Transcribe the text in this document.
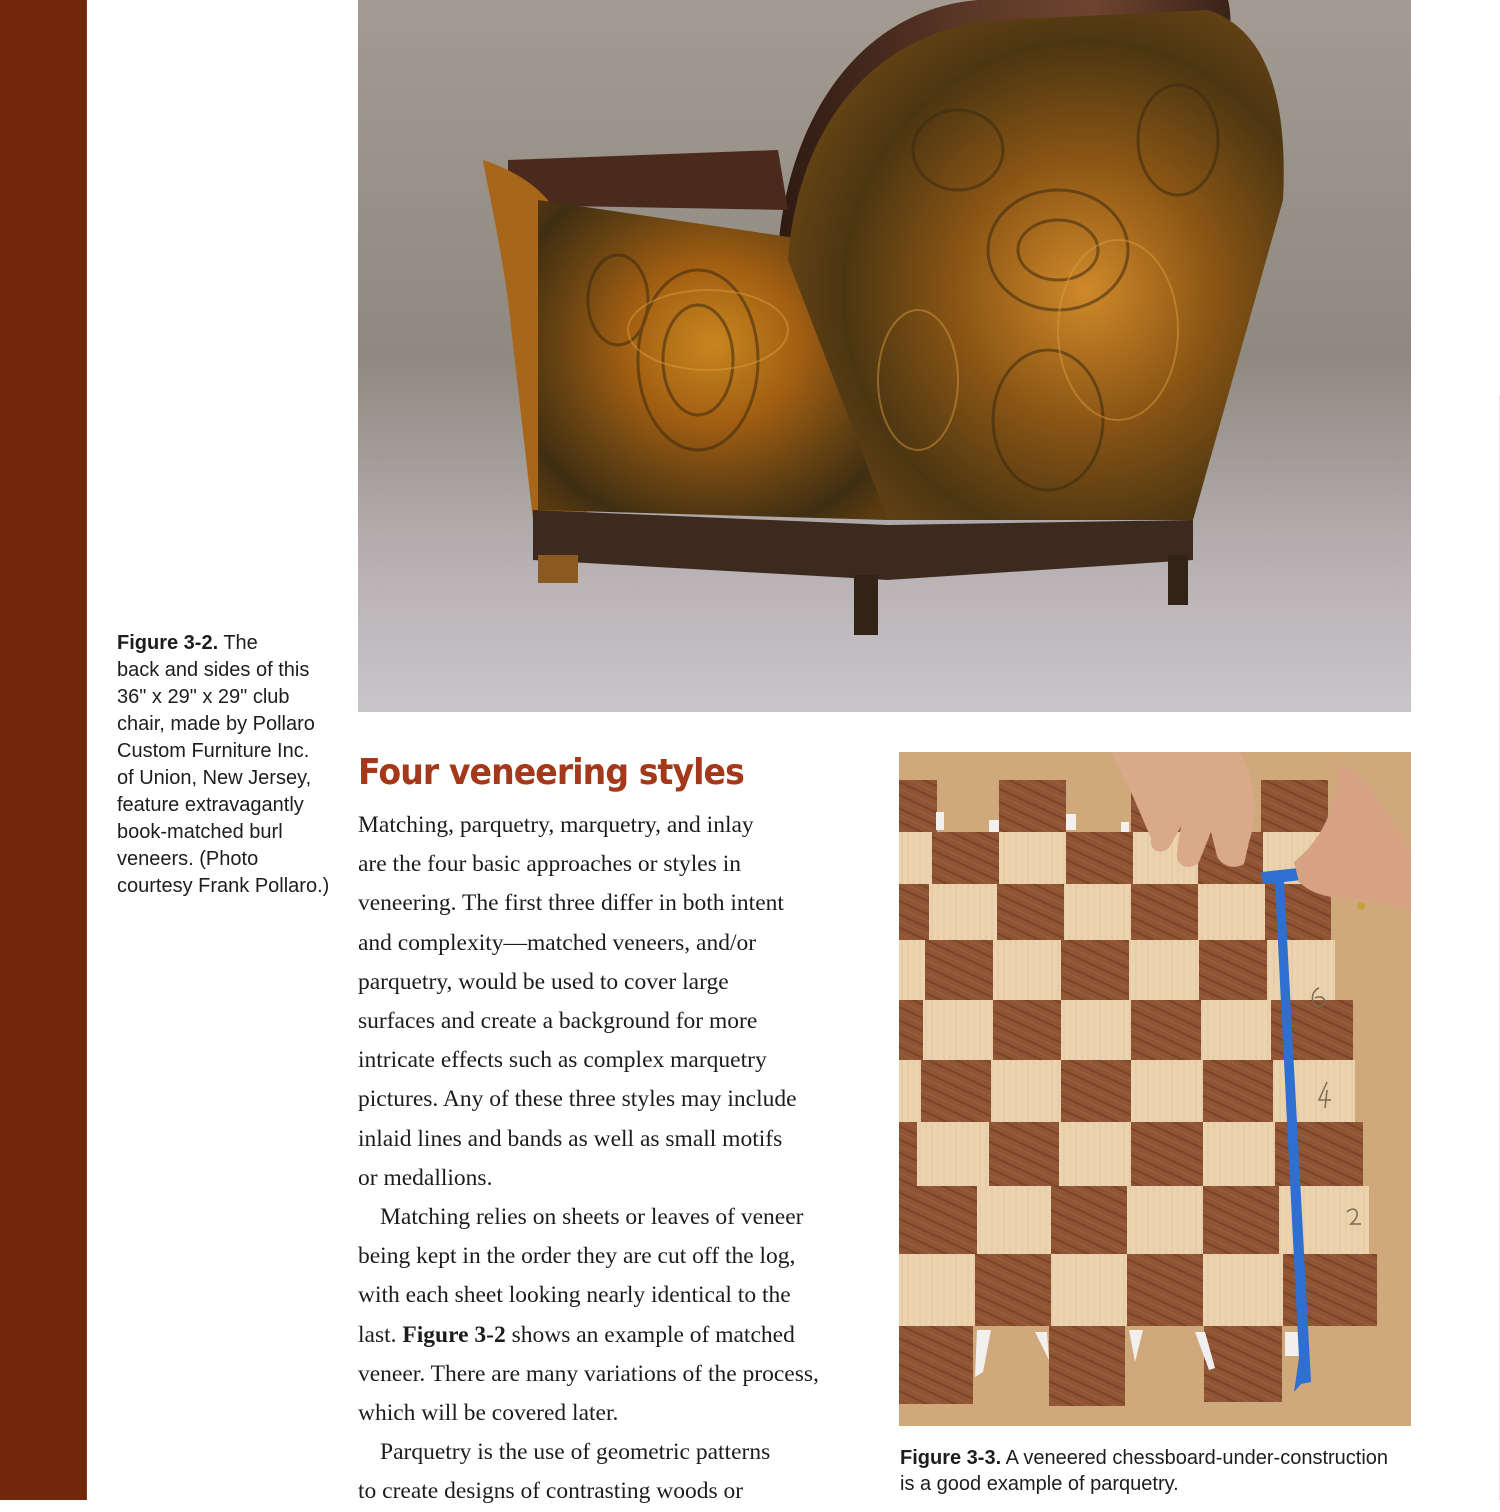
Figure 3-2. The
back and sides of this
36" x 29" x 29" club
chair, made by Pollaro
Custom Furniture Inc.
of Union, New Jersey,
feature extravagantly
book-matched burl
veneers. (Photo
courtesy Frank Pollaro.)
Four veneering styles

Matching, parquetry, marquetry, and inlay
are the four basic approaches or styles in
veneering. The first three differ in both intent
and complexity—matched veneers, and/or
parquetry, would be used to cover large
surfaces and create a background for more
intricate effects such as complex marquetry
pictures. Any of these three styles may include
inlaid lines and bands as well as small motifs
or medallions.

Matching relies on sheets or leaves of veneer
being kept in the order they are cut off the log,
with each sheet looking nearly identical to the
last. Figure 3-2 shows an example of matched
veneer. There are many variations of the process,
which will be covered later.

Parquetry is the use of geometric patterns
to create designs of contrasting woods or

Figure 3-3. A veneered chessboard-under-construction
is a good example of parquetry.
